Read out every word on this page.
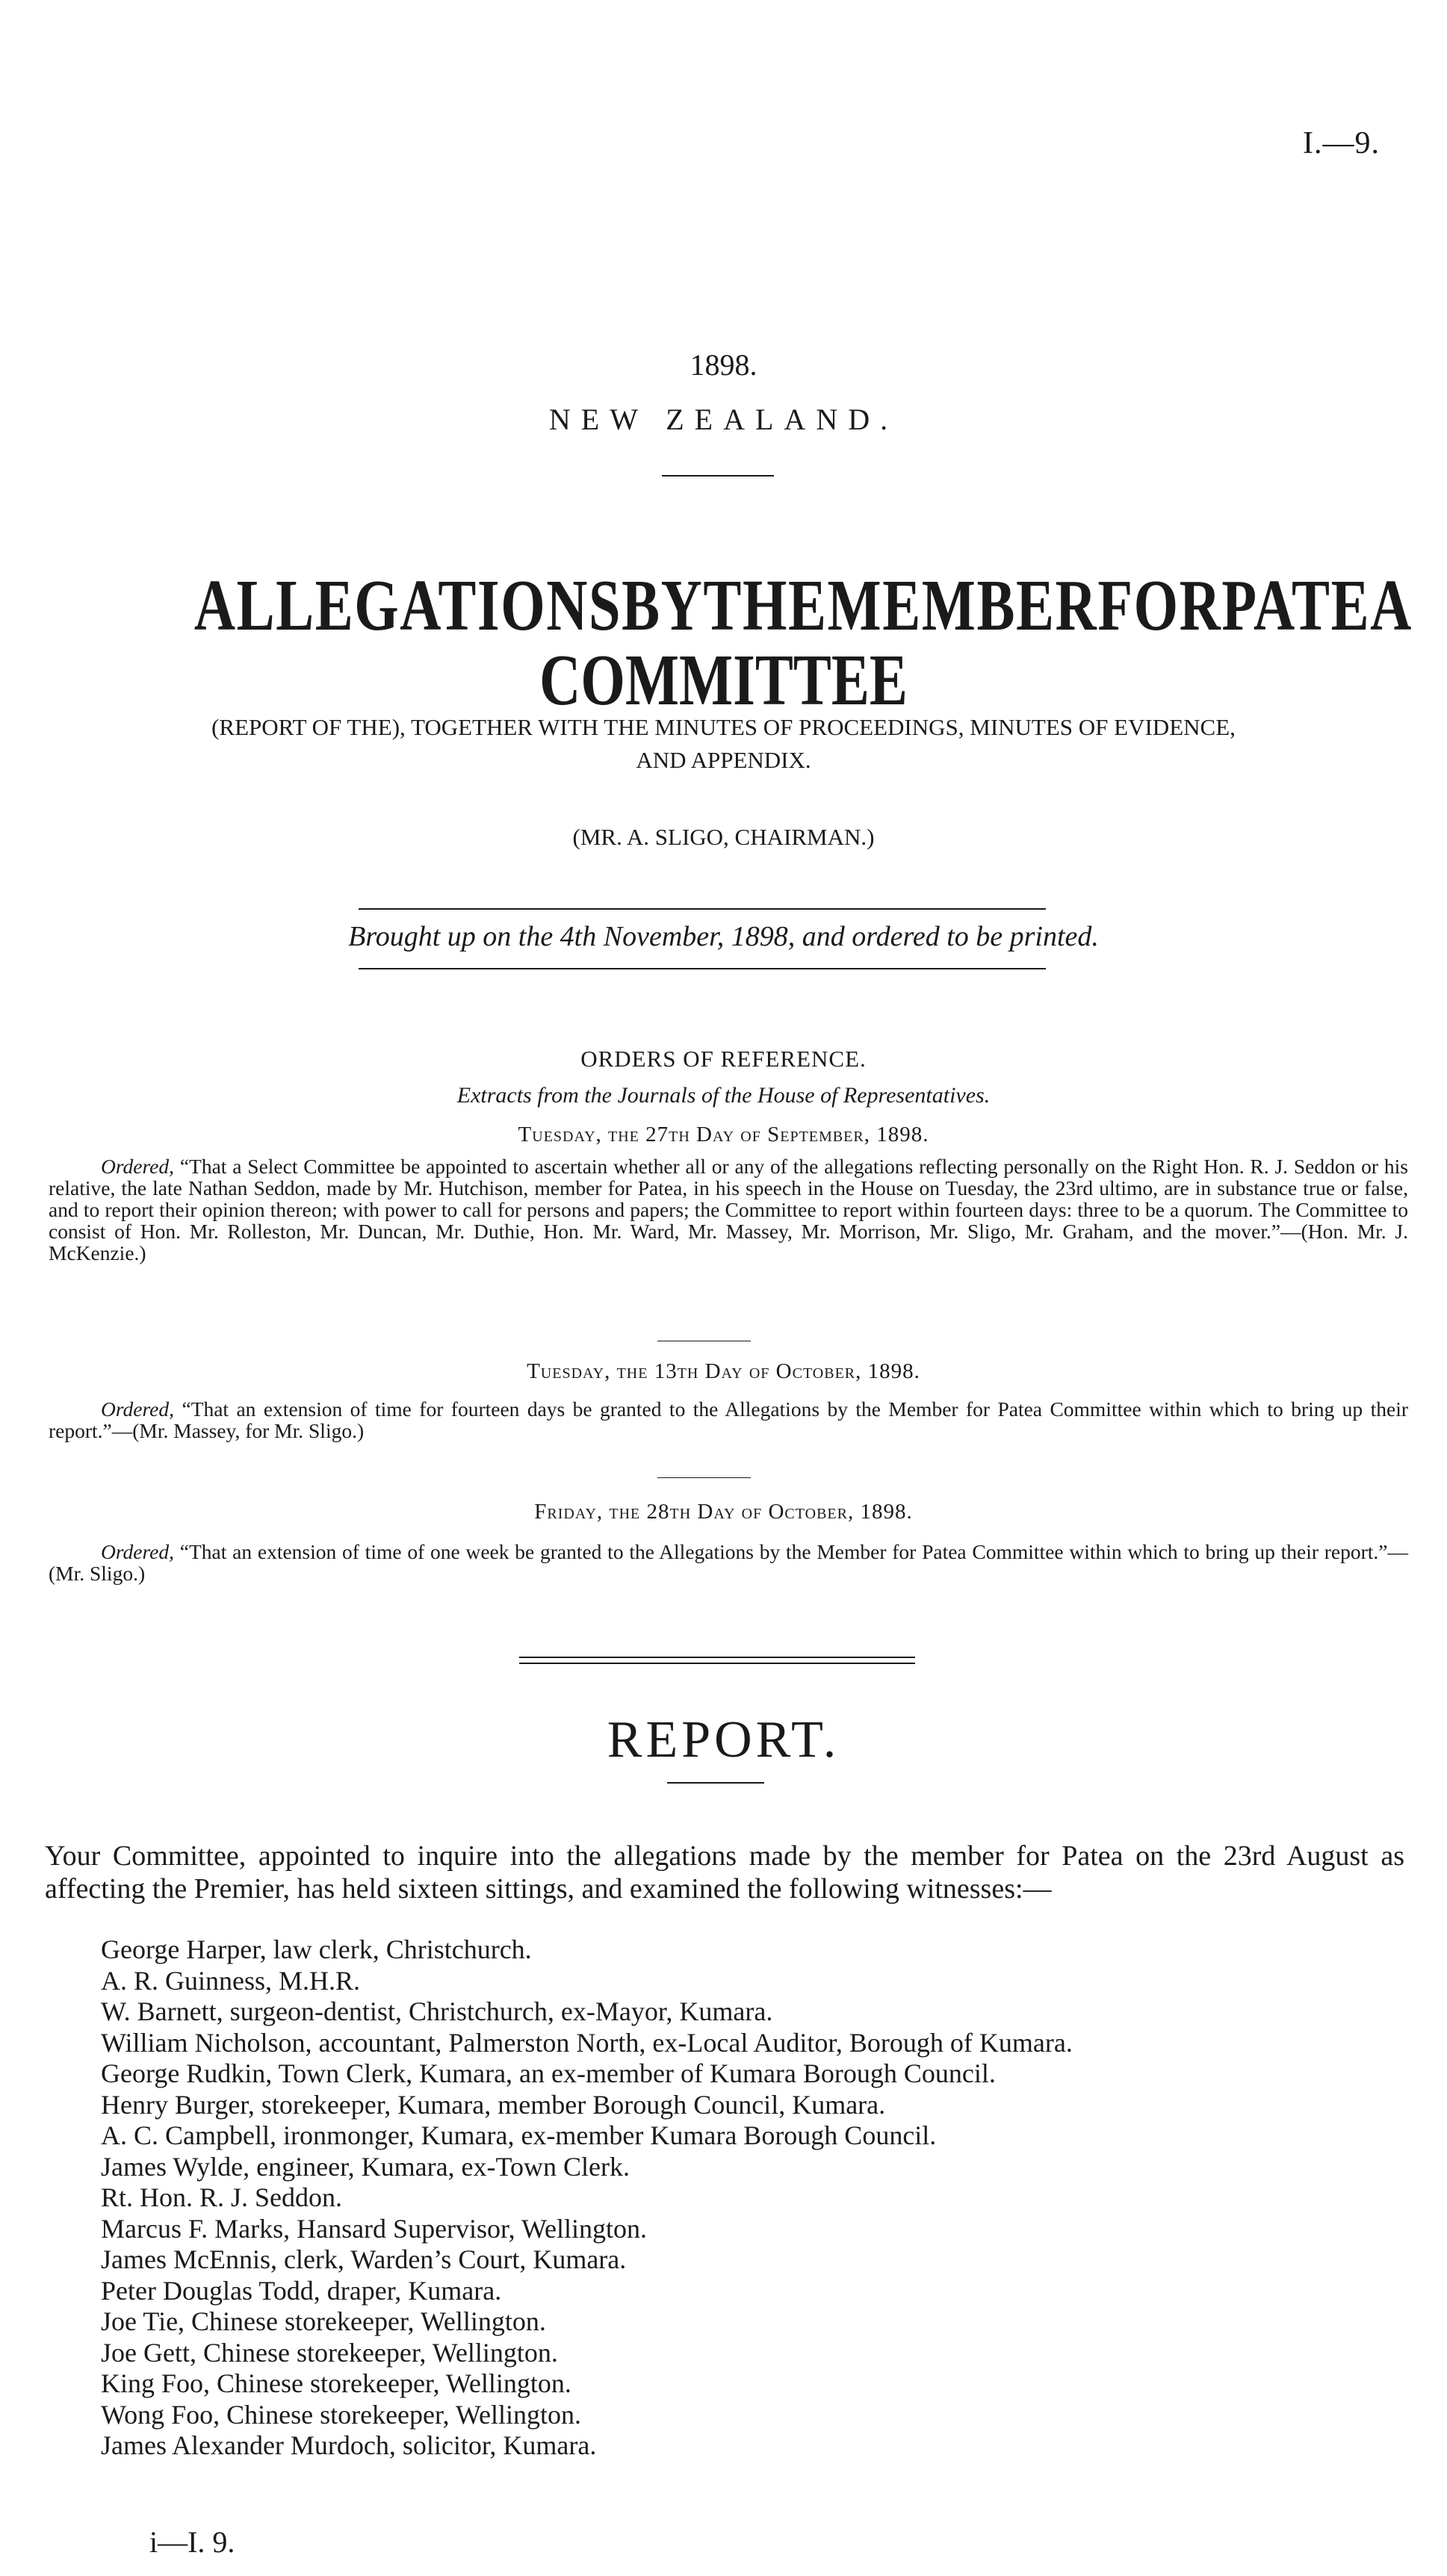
I.—9.
1898.
NEW ZEALAND.
ALLEGATIONS BY THE MEMBER FOR PATEA
COMMITTEE
(REPORT OF THE), TOGETHER WITH THE MINUTES OF PROCEEDINGS, MINUTES OF EVIDENCE,
AND APPENDIX.
(MR. A. SLIGO, CHAIRMAN.)
Brought up on the 4th November, 1898, and ordered to be printed.
ORDERS OF REFERENCE.
Extracts from the Journals of the House of Representatives.
Tuesday, the 27th Day of September, 1898.
Ordered, “That a Select Committee be appointed to ascertain whether all or any of the allegations reflecting personally on the Right Hon. R. J. Seddon or his relative, the late Nathan Seddon, made by Mr. Hutchison, member for Patea, in his speech in the House on Tuesday, the 23rd ultimo, are in substance true or false, and to report their opinion thereon; with power to call for persons and papers; the Committee to report within fourteen days: three to be a quorum. The Committee to consist of Hon. Mr. Rolleston, Mr. Duncan, Mr. Duthie, Hon. Mr. Ward, Mr. Massey, Mr. Morrison, Mr. Sligo, Mr. Graham, and the mover.”—(Hon. Mr. J. McKenzie.)
Tuesday, the 13th Day of October, 1898.
Ordered, “That an extension of time for fourteen days be granted to the Allegations by the Member for Patea Committee within which to bring up their report.”—(Mr. Massey, for Mr. Sligo.)
Friday, the 28th Day of October, 1898.
Ordered, “That an extension of time of one week be granted to the Allegations by the Member for Patea Committee within which to bring up their report.”—(Mr. Sligo.)
REPORT.
Your Committee, appointed to inquire into the allegations made by the member for Patea on the 23rd August as affecting the Premier, has held sixteen sittings, and examined the following witnesses:—
George Harper, law clerk, Christchurch.
A. R. Guinness, M.H.R.
W. Barnett, surgeon-dentist, Christchurch, ex-Mayor, Kumara.
William Nicholson, accountant, Palmerston North, ex-Local Auditor, Borough of Kumara.
George Rudkin, Town Clerk, Kumara, an ex-member of Kumara Borough Council.
Henry Burger, storekeeper, Kumara, member Borough Council, Kumara.
A. C. Campbell, ironmonger, Kumara, ex-member Kumara Borough Council.
James Wylde, engineer, Kumara, ex-Town Clerk.
Rt. Hon. R. J. Seddon.
Marcus F. Marks, Hansard Supervisor, Wellington.
James McEnnis, clerk, Warden’s Court, Kumara.
Peter Douglas Todd, draper, Kumara.
Joe Tie, Chinese storekeeper, Wellington.
Joe Gett, Chinese storekeeper, Wellington.
King Foo, Chinese storekeeper, Wellington.
Wong Foo, Chinese storekeeper, Wellington.
James Alexander Murdoch, solicitor, Kumara.
i—I. 9.
